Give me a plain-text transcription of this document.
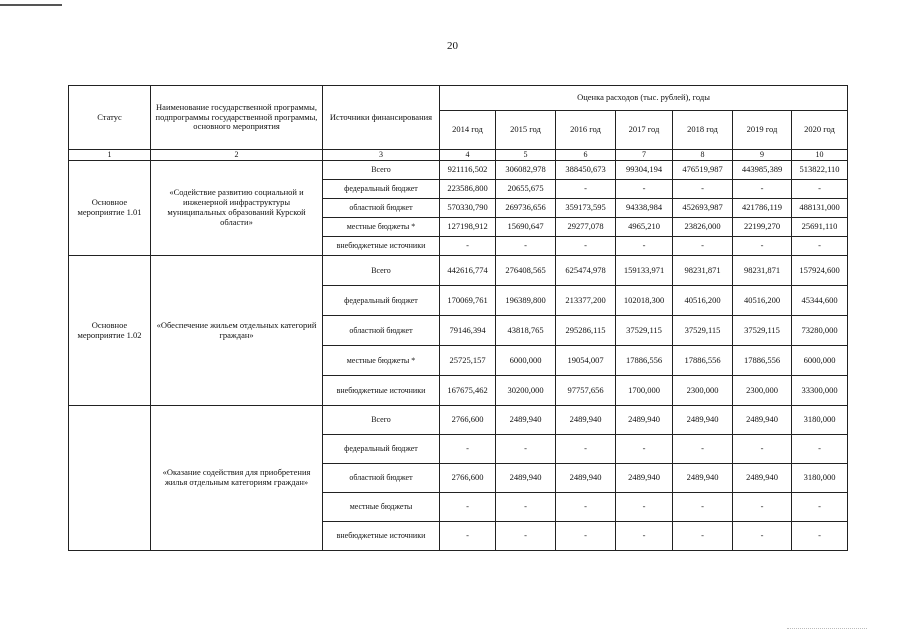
20
Статус	Наименование государственной программы, подпрограммы государственной программы, основного мероприятия	Источники финансирования	Оценка расходов (тыс. рублей), годы						
			2014 год	2015 год	2016 год	2017 год	2018 год	2019 год	2020 год
1	2	3	4	5	6	7	8	9	10
Основное мероприятие 1.01	«Содействие развитию социальной и инженерной инфраструктуры муниципальных образований Курской области»	Всего	921116,502	306082,978	388450,673	99304,194	476519,987	443985,389	513822,110
		федеральный бюджет	223586,800	20655,675	-	-	-	-	-
		областной бюджет	570330,790	269736,656	359173,595	94338,984	452693,987	421786,119	488131,000
		местные бюджеты *	127198,912	15690,647	29277,078	4965,210	23826,000	22199,270	25691,110
		внебюджетные источники	-	-	-	-	-	-	-
Основное мероприятие 1.02	«Обеспечение жильем отдельных категорий граждан»	Всего	442616,774	276408,565	625474,978	159133,971	98231,871	98231,871	157924,600
		федеральный бюджет	170069,761	196389,800	213377,200	102018,300	40516,200	40516,200	45344,600
		областной бюджет	79146,394	43818,765	295286,115	37529,115	37529,115	37529,115	73280,000
		местные бюджеты *	25725,157	6000,000	19054,007	17886,556	17886,556	17886,556	6000,000
		внебюджетные источники	167675,462	30200,000	97757,656	1700,000	2300,000	2300,000	33300,000
	«Оказание содействия для приобретения жилья отдельным категориям граждан»	Всего	2766,600	2489,940	2489,940	2489,940	2489,940	2489,940	3180,000
		федеральный бюджет	-	-	-	-	-	-	-
		областной бюджет	2766,600	2489,940	2489,940	2489,940	2489,940	2489,940	3180,000
		местные бюджеты	-	-	-	-	-	-	-
		внебюджетные источники	-	-	-	-	-	-	-
